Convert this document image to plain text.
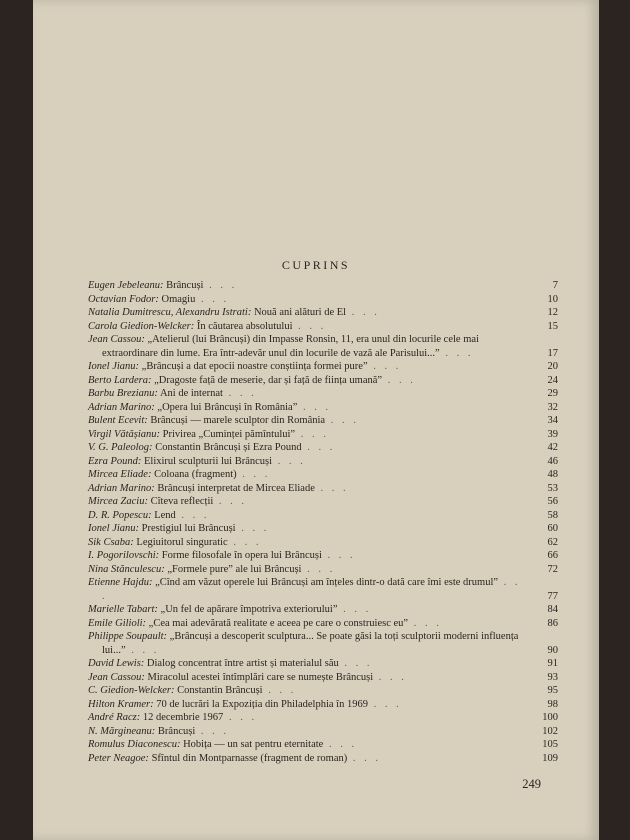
CUPRINS
Eugen Jebeleanu: Brâncuși . . .	7
Octavian Fodor: Omagiu . . .	10
Natalia Dumitrescu, Alexandru Istrati: Nouă ani alături de El . . .	12
Carola Giedion-Welcker: În căutarea absolutului . . .	15
Jean Cassou: „Atelierul (lui Brâncuși) din Impasse Ronsin, 11, era unul din locurile cele mai extraordinare din lume. Era într-adevăr unul din locurile de vază ale Parisului...” . . .	17
Ionel Jianu: „Brâncuși a dat epocii noastre conștiința formei pure” . . .	20
Berto Lardera: „Dragoste față de meserie, dar și față de ființa umană” . . .	24
Barbu Brezianu: Ani de internat . . .	29
Adrian Marino: „Opera lui Brâncuși în România” . . .	32
Bulent Ecevit: Brâncuși — marele sculptor din România . . .	34
Virgil Vătășianu: Privirea „Cuminței pămîntului” . . .	39
V. G. Paleolog: Constantin Brâncuși și Ezra Pound . . .	42
Ezra Pound: Elixirul sculpturii lui Brâncuși . . .	46
Mircea Eliade: Coloana (fragment) . . .	48
Adrian Marino: Brâncuși interpretat de Mircea Eliade . . .	53
Mircea Zaciu: Cîteva reflecții . . .	56
D. R. Popescu: Lend . . .	58
Ionel Jianu: Prestigiul lui Brâncuși . . .	60
Sik Csaba: Legiuitorul singuratic . . .	62
I. Pogorilovschi: Forme filosofale în opera lui Brâncuși . . .	66
Nina Stănculescu: „Formele pure” ale lui Brâncuși . . .	72
Etienne Hajdu: „Cînd am văzut operele lui Brâncuși am înțeles dintr-o dată care îmi este drumul” . . .	77
Marielle Tabart: „Un fel de apărare împotriva exteriorului” . . .	84
Emile Gilioli: „Cea mai adevărată realitate e aceea pe care o construiesc eu” . . .	86
Philippe Soupault: „Brâncuși a descoperit sculptura... Se poate găsi la toți sculptorii moderni influența lui...” . . .	90
David Lewis: Dialog concentrat între artist și materialul său . . .	91
Jean Cassou: Miracolul acestei întîmplări care se numește Brâncuși . . .	93
C. Giedion-Welcker: Constantin Brâncuși . . .	95
Hilton Kramer: 70 de lucrări la Expoziția din Philadelphia în 1969 . . .	98
André Racz: 12 decembrie 1967 . . .	100
N. Mărgineanu: Brâncuși . . .	102
Romulus Diaconescu: Hobița — un sat pentru eternitate . . .	105
Peter Neagoe: Sfîntul din Montparnasse (fragment de roman) . . .	109
249
